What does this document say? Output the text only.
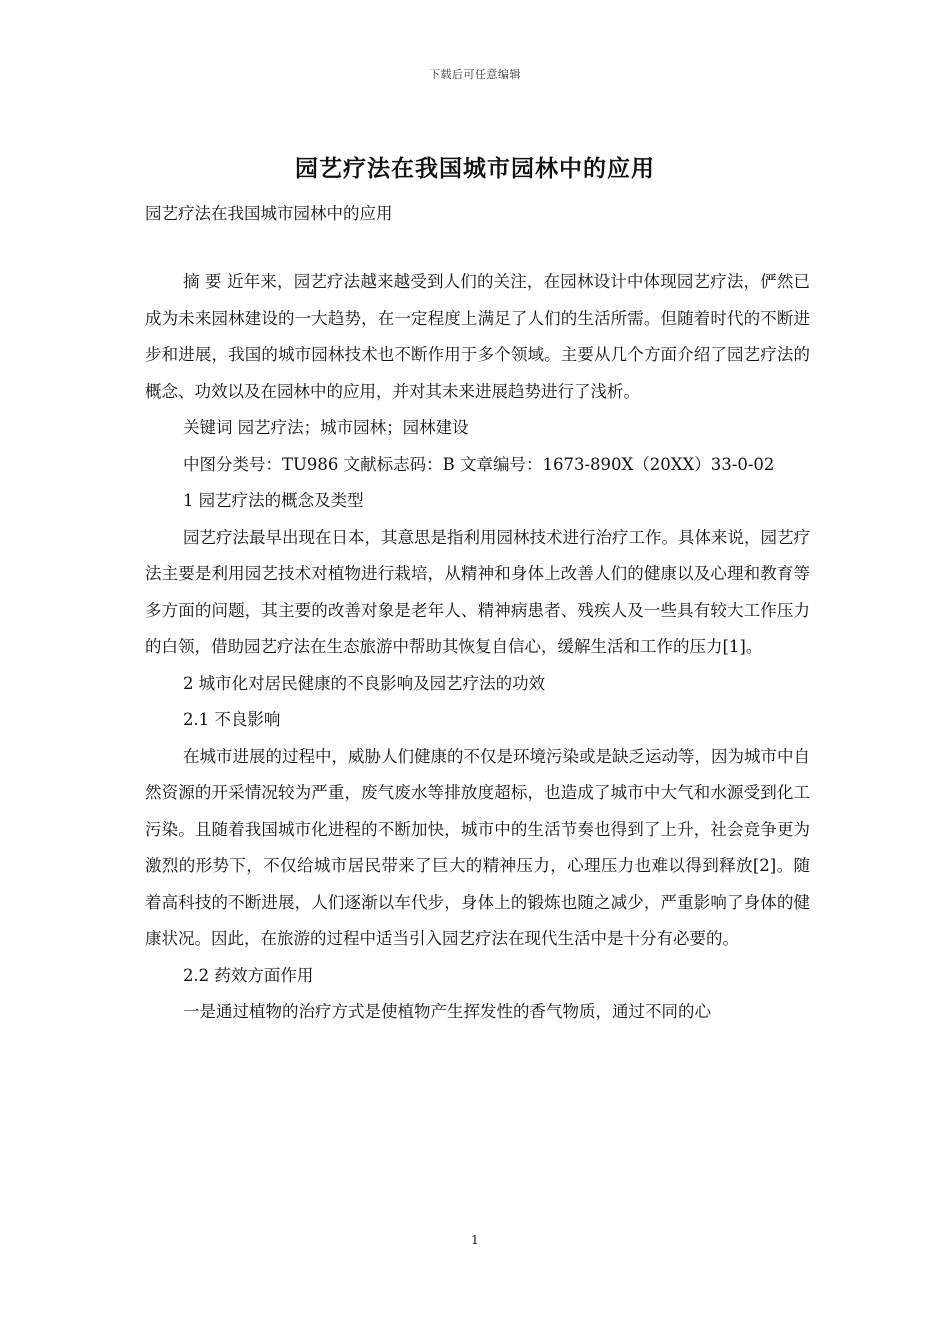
下载后可任意编辑
园艺疗法在我国城市园林中的应用
园艺疗法在我国城市园林中的应用

摘 要 近年来，园艺疗法越来越受到人们的关注，在园林设计中体现园艺疗法，俨然已成为未来园林建设的一大趋势，在一定程度上满足了人们的生活所需。但随着时代的不断进步和进展，我国的城市园林技术也不断作用于多个领域。主要从几个方面介绍了园艺疗法的概念、功效以及在园林中的应用，并对其未来进展趋势进行了浅析。

关键词 园艺疗法；城市园林；园林建设

中图分类号：TU986 文献标志码：B 文章编号：1673-890X（20XX）33-0-02

1 园艺疗法的概念及类型

园艺疗法最早出现在日本，其意思是指利用园林技术进行治疗工作。具体来说，园艺疗法主要是利用园艺技术对植物进行栽培，从精神和身体上改善人们的健康以及心理和教育等多方面的问题，其主要的改善对象是老年人、精神病患者、残疾人及一些具有较大工作压力的白领，借助园艺疗法在生态旅游中帮助其恢复自信心，缓解生活和工作的压力[1]。

2 城市化对居民健康的不良影响及园艺疗法的功效

2.1 不良影响

在城市进展的过程中，威胁人们健康的不仅是环境污染或是缺乏运动等，因为城市中自然资源的开采情况较为严重，废气废水等排放度超标，也造成了城市中大气和水源受到化工污染。且随着我国城市化进程的不断加快，城市中的生活节奏也得到了上升，社会竞争更为激烈的形势下，不仅给城市居民带来了巨大的精神压力，心理压力也难以得到释放[2]。随着高科技的不断进展，人们逐渐以车代步，身体上的锻炼也随之减少，严重影响了身体的健康状况。因此，在旅游的过程中适当引入园艺疗法在现代生活中是十分有必要的。

2.2 药效方面作用

一是通过植物的治疗方式是使植物产生挥发性的香气物质，通过不同的心

1
